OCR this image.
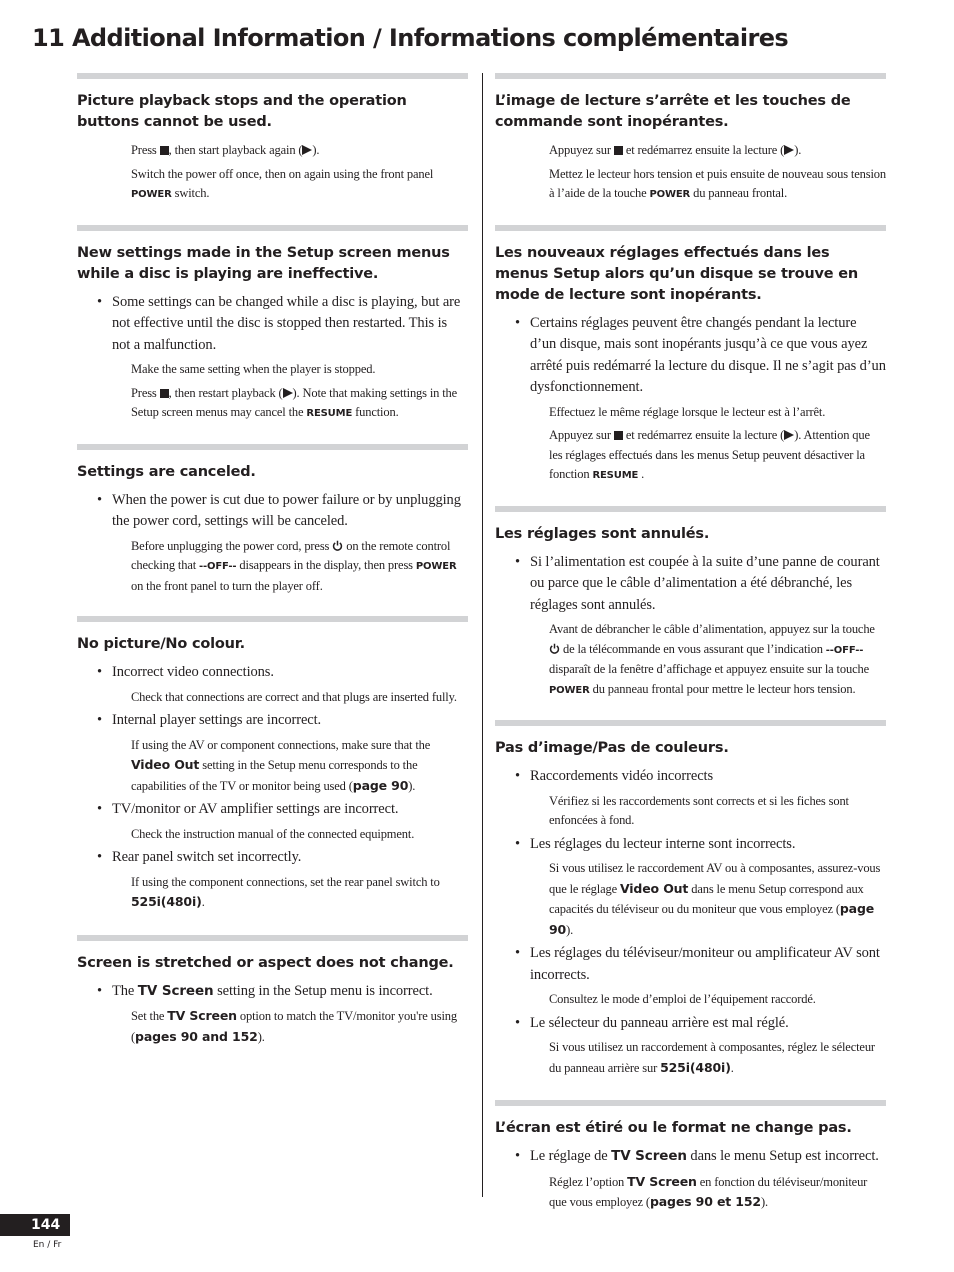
11 Additional Information / Informations complémentaires
Picture playback stops and the operation buttons cannot be used.
Press , then start playback again ( ).
Switch the power off once, then on again using the front panel POWER switch.
New settings made in the Setup screen menus while a disc is playing are ineffective.
• Some settings can be changed while a disc is playing, but are not effective until the disc is stopped then restarted. This is not a malfunction.
Make the same setting when the player is stopped.
Press , then restart playback ( ). Note that making settings in the Setup screen menus may cancel the RESUME function.
Settings are canceled.
• When the power is cut due to power failure or by unplugging the power cord, settings will be canceled.
Before unplugging the power cord, press  on the remote control checking that --OFF-- disappears in the display, then press POWER on the front panel to turn the player off.
No picture/No colour.
• Incorrect video connections.
Check that connections are correct and that plugs are inserted fully.
• Internal player settings are incorrect.
If using the AV or component connections, make sure that the Video Out setting in the Setup menu corresponds to the capabilities of the TV or monitor being used (page 90).
• TV/monitor or AV amplifier settings are incorrect.
Check the instruction manual of the connected equipment.
• Rear panel switch set incorrectly.
If using the component connections, set the rear panel switch to 525i(480i).
Screen is stretched or aspect does not change.
• The TV Screen setting in the Setup menu is incorrect.
Set the TV Screen option to match the TV/monitor you're using (pages 90 and 152).
L’image de lecture s’arrête et les touches de commande sont inopérantes.
Appuyez sur  et redémarrez ensuite la lecture ( ).
Mettez le lecteur hors tension et puis ensuite de nouveau sous tension à l’aide de la touche POWER du panneau frontal.
Les nouveaux réglages effectués dans les menus Setup alors qu’un disque se trouve en mode de lecture sont inopérants.
• Certains réglages peuvent être changés pendant la lecture d’un disque, mais sont inopérants jusqu’à ce que vous ayez arrêté puis redémarré la lecture du disque. Il ne s’agit pas d’un dysfonctionnement.
Effectuez le même réglage lorsque le lecteur est à l’arrêt.
Appuyez sur  et redémarrez ensuite la lecture ( ). Attention que les réglages effectués dans les menus Setup peuvent désactiver la fonction RESUME .
Les réglages sont annulés.
• Si l’alimentation est coupée à la suite d’une panne de courant ou parce que le câble d’alimentation a été débranché, les réglages sont annulés.
Avant de débrancher le câble d’alimentation, appuyez sur la touche  de la télécommande en vous assurant que l’indication --OFF-- disparaît de la fenêtre d’affichage et appuyez ensuite sur la touche POWER du panneau frontal pour mettre le lecteur hors tension.
Pas d’image/Pas de couleurs.
• Raccordements vidéo incorrects
Vérifiez si les raccordements sont corrects et si les fiches sont enfoncées à fond.
• Les réglages du lecteur interne sont incorrects.
Si vous utilisez le raccordement AV ou à composantes, assurez-vous que le réglage Video Out dans le menu Setup correspond aux capacités du téléviseur ou du moniteur que vous employez (page 90).
• Les réglages du téléviseur/moniteur ou amplificateur AV sont incorrects.
Consultez le mode d’emploi de l’équipement raccordé.
• Le sélecteur du panneau arrière est mal réglé.
Si vous utilisez un raccordement à composantes, réglez le sélecteur du panneau arrière sur 525i(480i).
L’écran est étiré ou le format ne change pas.
• Le réglage de TV Screen dans le menu Setup est incorrect.
Réglez l’option TV Screen en fonction du téléviseur/moniteur que vous employez (pages 90 et 152).
144
En / Fr
